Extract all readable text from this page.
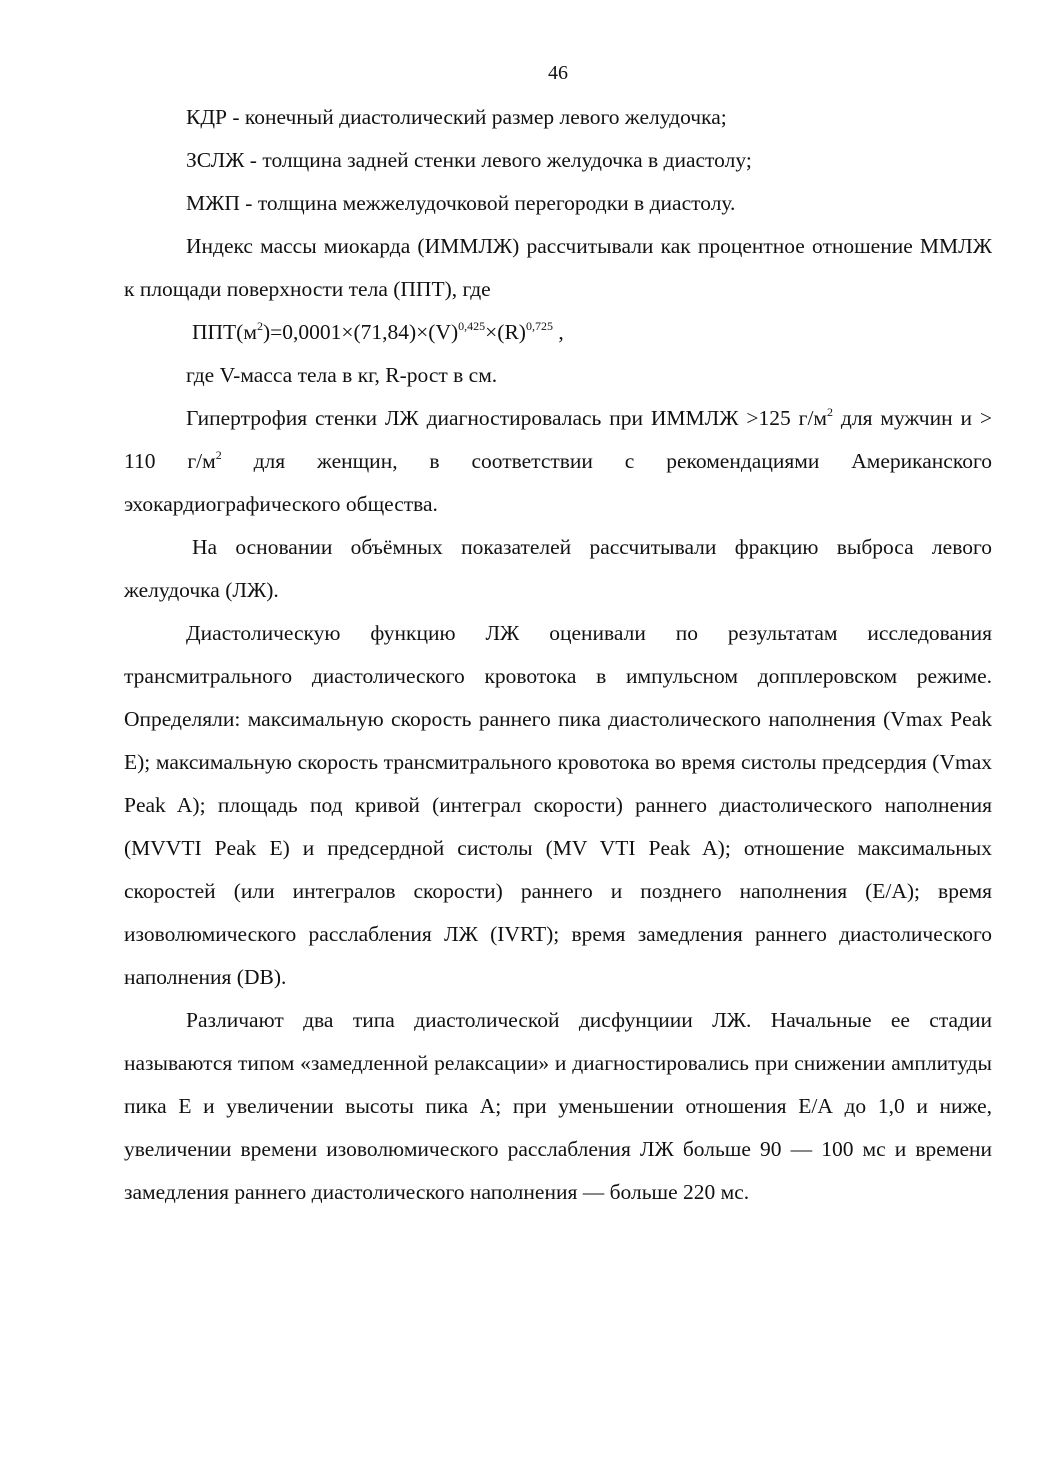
46

КДР - конечный диастолический размер левого желудочка;

ЗСЛЖ - толщина задней стенки левого желудочка в диастолу;

МЖП - толщина межжелудочковой перегородки в диастолу.

Индекс массы миокарда (ИММЛЖ) рассчитывали как процентное отношение ММЛЖ к площади поверхности тела (ППТ), где

$ППТ(м^2)=0,0001\times(71,84)\times(V)^{0,425}\times(R)^{0,725}$ ,

где V-масса тела в кг, R-рост в см.

Гипертрофия стенки ЛЖ диагностировалась при ИММЛЖ >125 $г/м^2$ для мужчин и > 110 $г/м^2$ для женщин, в соответствии с рекомендациями Американского эхокардиографического общества.

На основании объёмных показателей рассчитывали фракцию выброса левого желудочка (ЛЖ).

Диастолическую функцию ЛЖ оценивали по результатам исследования трансмитрального диастолического кровотока в импульсном допплеровском режиме. Определяли: максимальную скорость раннего пика диастолического наполнения (Vmax Peak E); максимальную скорость трансмитрального кровотока во время систолы предсердия (Vmax Peak A); площадь под кривой (интеграл скорости) раннего диастолического наполнения (MVVTI Peak E) и предсердной систолы (MV VTI Peak A); отношение максимальных скоростей (или интегралов скорости) раннего и позднего наполнения (E/A); время изоволюмического расслабления ЛЖ (IVRT); время замедления раннего диастолического наполнения (DB).

Различают два типа диастолической дисфунциии ЛЖ. Начальные ее стадии называются типом «замедленной релаксации» и диагностировались при снижении амплитуды пика Е и увеличении высоты пика А; при уменьшении отношения Е/А до 1,0 и ниже, увеличении времени изоволюмического расслабления ЛЖ больше 90 — 100 мс и времени замедления раннего диастолического наполнения — больше 220 мс.
